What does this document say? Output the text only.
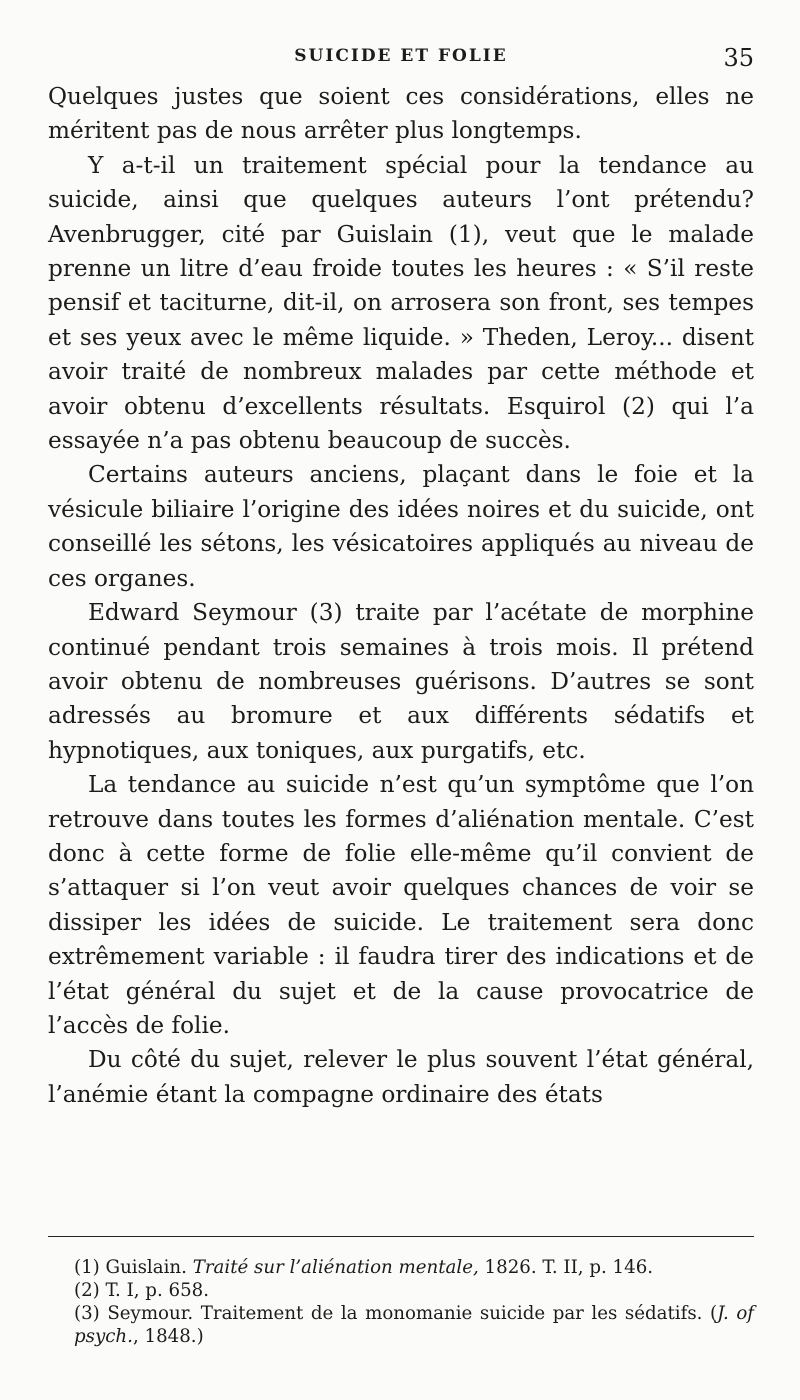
SUICIDE ET FOLIE	35

Quelques justes que soient ces considérations, elles ne méritent pas de nous arrêter plus longtemps.

Y a-t-il un traitement spécial pour la tendance au suicide, ainsi que quelques auteurs l’ont prétendu? Avenbrugger, cité par Guislain (1), veut que le malade prenne un litre d’eau froide toutes les heures : « S’il reste pensif et taciturne, dit-il, on arrosera son front, ses tempes et ses yeux avec le même liquide. » Theden, Leroy... disent avoir traité de nombreux malades par cette méthode et avoir obtenu d’excellents résultats. Esquirol (2) qui l’a essayée n’a pas obtenu beaucoup de succès.

Certains auteurs anciens, plaçant dans le foie et la vésicule biliaire l’origine des idées noires et du suicide, ont conseillé les sétons, les vésicatoires appliqués au niveau de ces organes.

Edward Seymour (3) traite par l’acétate de morphine continué pendant trois semaines à trois mois. Il prétend avoir obtenu de nombreuses guérisons. D’autres se sont adressés au bromure et aux différents sédatifs et hypnotiques, aux toniques, aux purgatifs, etc.

La tendance au suicide n’est qu’un symptôme que l’on retrouve dans toutes les formes d’aliénation mentale. C’est donc à cette forme de folie elle-même qu’il convient de s’attaquer si l’on veut avoir quelques chances de voir se dissiper les idées de suicide. Le traitement sera donc extrêmement variable : il faudra tirer des indications et de l’état général du sujet et de la cause provocatrice de l’accès de folie.

Du côté du sujet, relever le plus souvent l’état général, l’anémie étant la compagne ordinaire des états

(1) Guislain. Traité sur l’aliénation mentale, 1826. T. II, p. 146.

(2) T. I, p. 658.

(3) Seymour. Traitement de la monomanie suicide par les sédatifs. (J. of psych., 1848.)
